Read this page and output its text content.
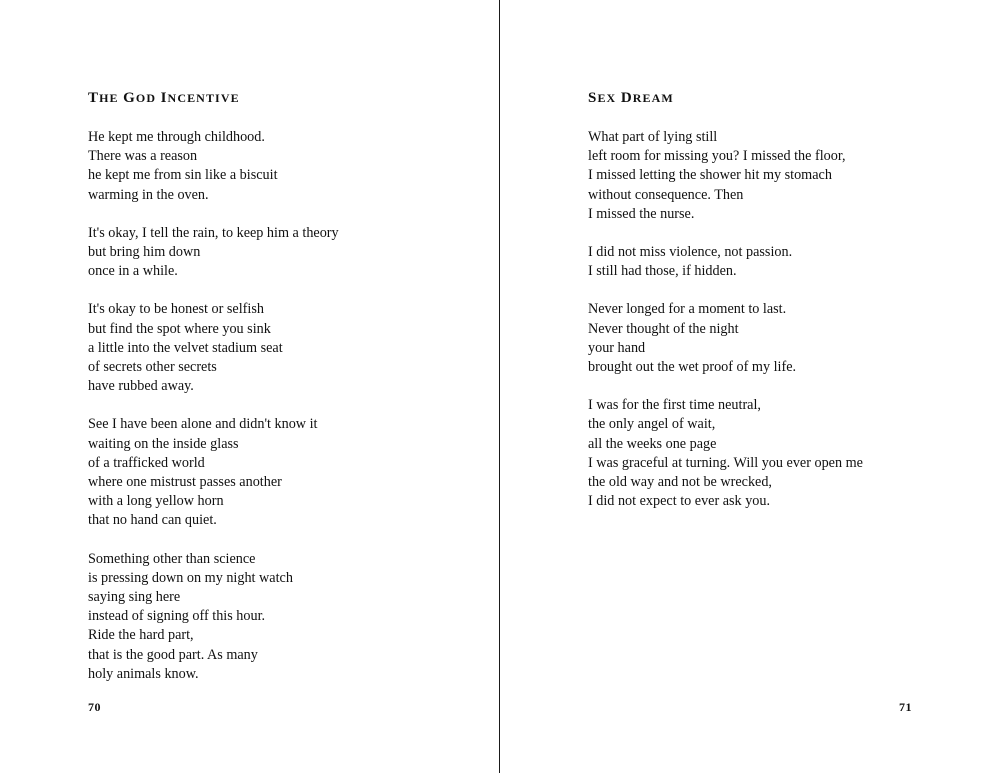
THE GOD INCENTIVE
He kept me through childhood.
There was a reason
he kept me from sin like a biscuit
warming in the oven.
It's okay, I tell the rain, to keep him a theory
but bring him down
once in a while.
It's okay to be honest or selfish
but find the spot where you sink
a little into the velvet stadium seat
of secrets other secrets
have rubbed away.
See I have been alone and didn't know it
waiting on the inside glass
of a trafficked world
where one mistrust passes another
with a long yellow horn
that no hand can quiet.
Something other than science
is pressing down on my night watch
saying sing here
instead of signing off this hour.
Ride the hard part,
that is the good part. As many
holy animals know.
70
SEX DREAM
What part of lying still
left room for missing you? I missed the floor,
I missed letting the shower hit my stomach
without consequence. Then
I missed the nurse.
I did not miss violence, not passion.
I still had those, if hidden.
Never longed for a moment to last.
Never thought of the night
your hand
brought out the wet proof of my life.
I was for the first time neutral,
the only angel of wait,
all the weeks one page
I was graceful at turning. Will you ever open me
the old way and not be wrecked,
I did not expect to ever ask you.
71
